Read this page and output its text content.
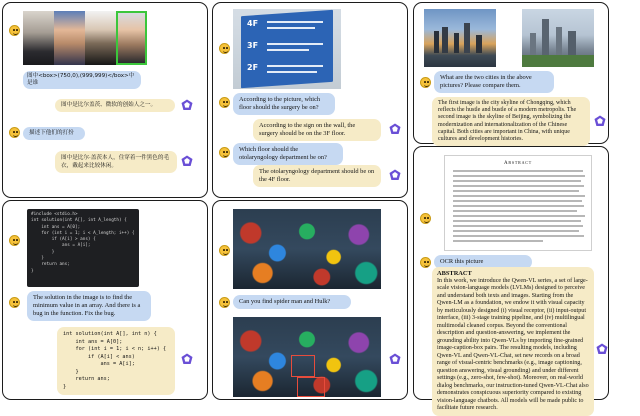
图中<box>(750,0),(999,999)</box>中是谁
图中是比尔盖茨、微软的创始人之一。
描述下他们的打扮
图中是比尔·盖茨本人，住穿着一件黑色的毛衣，戴起来比较休闲。
4F
3F
2F
According to the picture, which floor should the surgery be on?
According to the sign on the wall, the surgery should be on the 3F floor.
Which floor should the otolaryngology department be on?
The otolaryngology department should be on the 4F floor.
What are the two cities in the above pictures? Please compare them.
The first image is the city skyline of Chongqing, which reflects the hustle and bustle of a modern metropolis. The second image is the skyline of Beijing, symbolizing the modernization and internationalization of the Chinese capital. Both cities are important in China, with unique cultures and development histories.
#include <stdio.h>
int solution(int A[], int A_length) {
int ans = A[0];
for (int i = 1; i < A_length; i++) {
if (A[i] > ans) {
ans = A[i];
}
}
return ans;
}
The solution in the image is to find the minimum value in an array. And there is a bug in the function. Fix the bug.
int solution(int A[], int n) {
int ans = A[0];
for (int i = 1; i < n; i++) {
if (A[i] < ans)
ans = A[i];
}
return ans;
}
Can you find spider man and Hulk?
Abstract
OCR this picture
ABSTRACT
In this work, we introduce the Qwen-VL series, a set of large-scale vision-language models (LVLMs) designed to perceive and understand both texts and images. Starting from the Qwen-LM as a foundation, we endow it with visual capacity by meticulously designed (i) visual receptor, (ii) input-output interface, (iii) 3-stage training pipeline, and (iv) multilingual multimodal cleaned corpus. Beyond the conventional description and question-answering, we implement the grounding ability into Qwen-VLs by importing fine-grained image-caption-box pairs. The resulting models, including Qwen-VL and Qwen-VL-Chat, set new records on a broad range of visual-centric benchmarks (e.g., image captioning, question answering, visual grounding) and under different settings (e.g., zero-shot, few-shot). Moreover, on real-world dialog benchmarks, our instruction-tuned Qwen-VL-Chat also demonstrates conspicuous superiority compared to existing vision-language chatbots. All models will be made public to facilitate future research.
